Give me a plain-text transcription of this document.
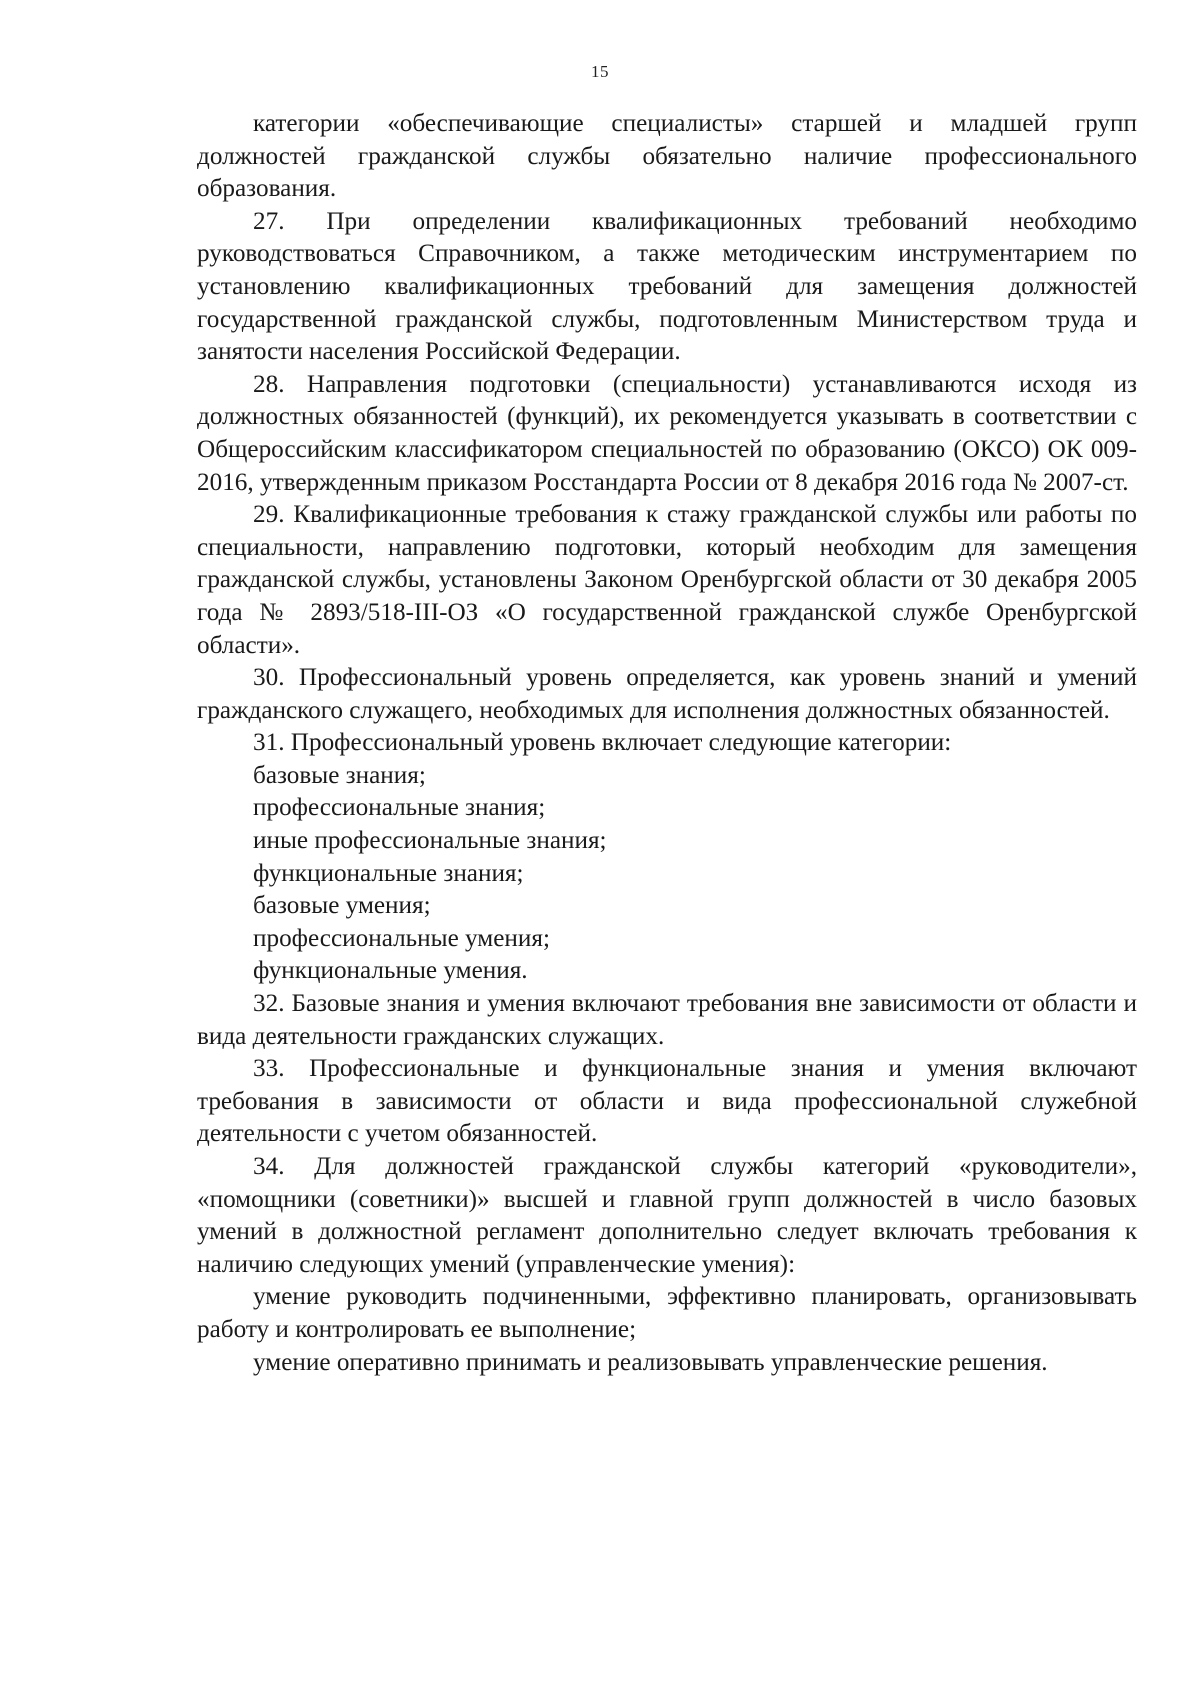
15

категории «обеспечивающие специалисты» старшей и младшей групп должностей гражданской службы обязательно наличие профессионального образования.

27. При определении квалификационных требований необходимо руководствоваться Справочником, а также методическим инструментарием по установлению квалификационных требований для замещения должностей государственной гражданской службы, подготовленным Министерством труда и занятости населения Российской Федерации.

28. Направления подготовки (специальности) устанавливаются исходя из должностных обязанностей (функций), их рекомендуется указывать в соответствии с Общероссийским классификатором специальностей по образованию (ОКСО) ОК 009-2016, утвержденным приказом Росстандарта России от 8 декабря 2016 года № 2007-ст.

29. Квалификационные требования к стажу гражданской службы или работы по специальности, направлению подготовки, который необходим для замещения гражданской службы, установлены Законом Оренбургской области от 30 декабря 2005 года № 2893/518-III-ОЗ «О государственной гражданской службе Оренбургской области».

30. Профессиональный уровень определяется, как уровень знаний и умений гражданского служащего, необходимых для исполнения должностных обязанностей.

31. Профессиональный уровень включает следующие категории:

базовые знания;

профессиональные знания;

иные профессиональные знания;

функциональные знания;

базовые умения;

профессиональные умения;

функциональные умения.

32. Базовые знания и умения включают требования вне зависимости от области и вида деятельности гражданских служащих.

33. Профессиональные и функциональные знания и умения включают требования в зависимости от области и вида профессиональной служебной деятельности с учетом обязанностей.

34. Для должностей гражданской службы категорий «руководители», «помощники (советники)» высшей и главной групп должностей в число базовых умений в должностной регламент дополнительно следует включать требования к наличию следующих умений (управленческие умения):

умение руководить подчиненными, эффективно планировать, организовывать работу и контролировать ее выполнение;

умение оперативно принимать и реализовывать управленческие решения.
